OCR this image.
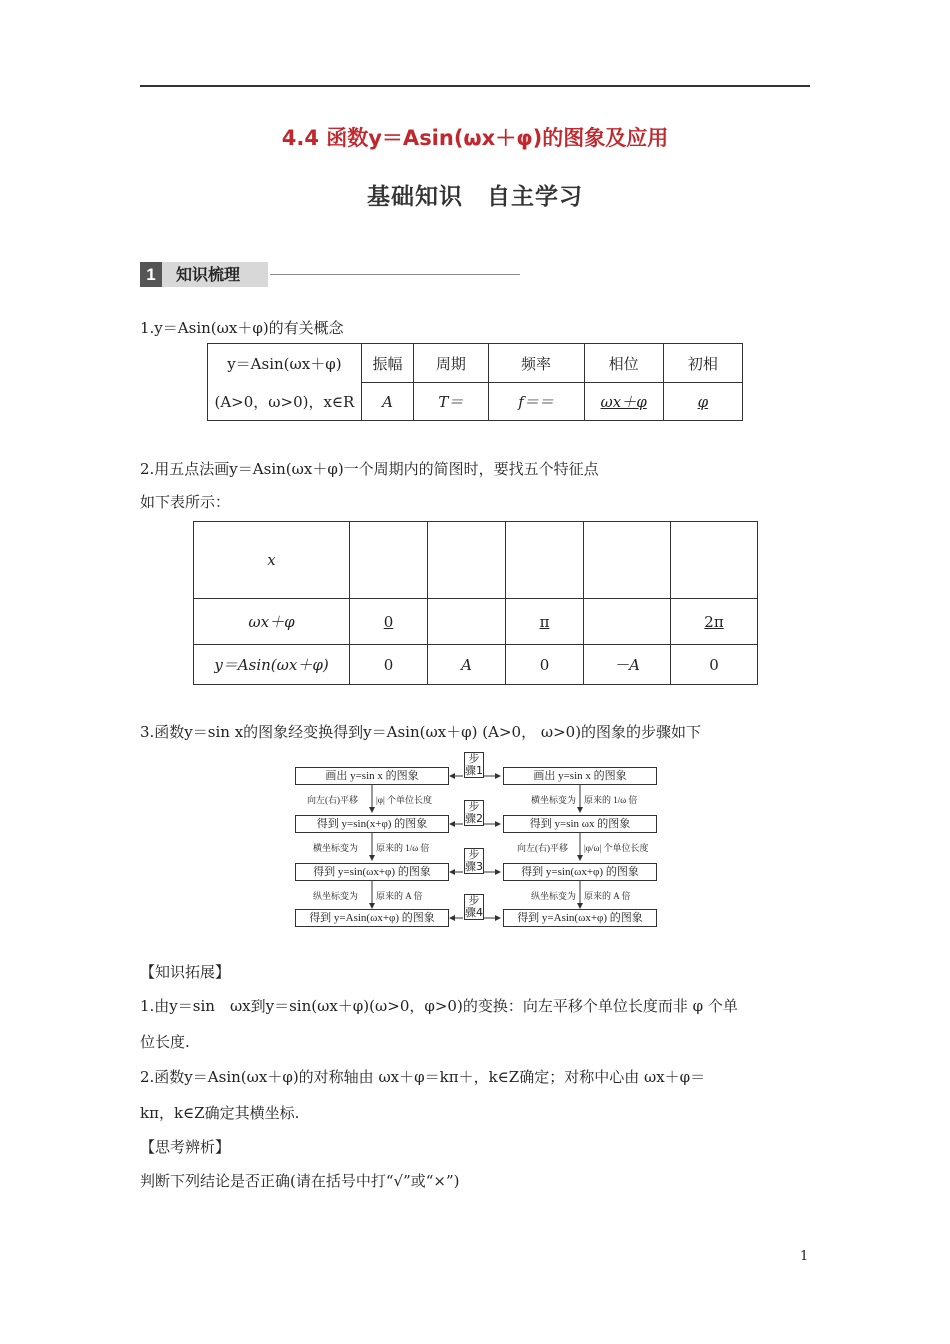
4.4 函数y＝Asin(ωx＋φ)的图象及应用
基础知识　自主学习
1	知识梳理
1.y＝Asin(ωx＋φ)的有关概念
y＝Asin(ωx＋φ)	振幅	周期	频率	相位	初相
(A>0，ω>0)，x∈R	A	T＝	f＝＝	ωx＋φ	φ
2.用五点法画y＝Asin(ωx＋φ)一个周期内的简图时，要找五个特征点
如下表所示：
x					
ωx＋φ	0		π		2π
y＝Asin(ωx＋φ)	0	A	0	－A	0
3.函数y＝sin x的图象经变换得到y＝Asin(ωx＋φ) (A>0， ω>0)的图象的步骤如下
画出 y=sin x 的图象
得到 y=sin(x+φ) 的图象
得到 y=sin(ωx+φ) 的图象
得到 y=Asin(ωx+φ) 的图象
向左(右)平移 |φ| 个单位长度
横坐标变为 原来的 1/ω 倍
纵坐标变为 原来的 A 倍
步骤1
步骤2
步骤3
步骤4
画出 y=sin x 的图象
得到 y=sin ωx 的图象
得到 y=sin(ωx+φ) 的图象
得到 y=Asin(ωx+φ) 的图象
横坐标变为 原来的 1/ω 倍
向左(右)平移 |φ/ω| 个单位长度
纵坐标变为 原来的 A 倍
【知识拓展】
1.由y＝sin　ωx到y＝sin(ωx＋φ)(ω>0，φ>0)的变换：向左平移个单位长度而非 φ 个单
位长度.
2.函数y＝Asin(ωx＋φ)的对称轴由 ωx＋φ＝kπ＋，k∈Z确定；对称中心由 ωx＋φ＝
kπ，k∈Z确定其横坐标.
【思考辨析】
判断下列结论是否正确(请在括号中打“√”或“×”)
1
